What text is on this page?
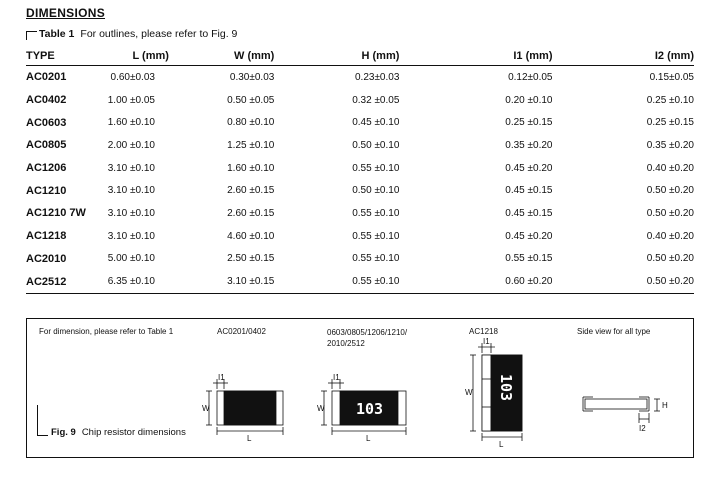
DIMENSIONS
Table 1 For outlines, please refer to Fig. 9
TYPE	L (mm)	W (mm)	H (mm)	I1 (mm)	I2 (mm)
AC0201	0.60±0.03	0.30±0.03	0.23±0.03	0.12±0.05	0.15±0.05
AC0402	1.00 ±0.05	0.50 ±0.05	0.32 ±0.05	0.20 ±0.10	0.25 ±0.10
AC0603	1.60 ±0.10	0.80 ±0.10	0.45 ±0.10	0.25 ±0.15	0.25 ±0.15
AC0805	2.00 ±0.10	1.25 ±0.10	0.50 ±0.10	0.35 ±0.20	0.35 ±0.20
AC1206	3.10 ±0.10	1.60 ±0.10	0.55 ±0.10	0.45 ±0.20	0.40 ±0.20
AC1210	3.10 ±0.10	2.60 ±0.15	0.50 ±0.10	0.45 ±0.15	0.50 ±0.20
AC1210 7W	3.10 ±0.10	2.60 ±0.15	0.55 ±0.10	0.45 ±0.15	0.50 ±0.20
AC1218	3.10 ±0.10	4.60 ±0.10	0.55 ±0.10	0.45 ±0.20	0.40 ±0.20
AC2010	5.00 ±0.10	2.50 ±0.15	0.55 ±0.10	0.55 ±0.15	0.50 ±0.20
AC2512	6.35 ±0.10	3.10 ±0.15	0.55 ±0.10	0.60 ±0.20	0.50 ±0.20
For dimension, please refer to Table 1	AC0201/0402	0603/0805/1206/1210/ 2010/2512
AC1218	Side view for all type
Fig. 9 Chip resistor dimensions
I1
W
L
I1
W
L
I1
W
L
H
I2
103
103
